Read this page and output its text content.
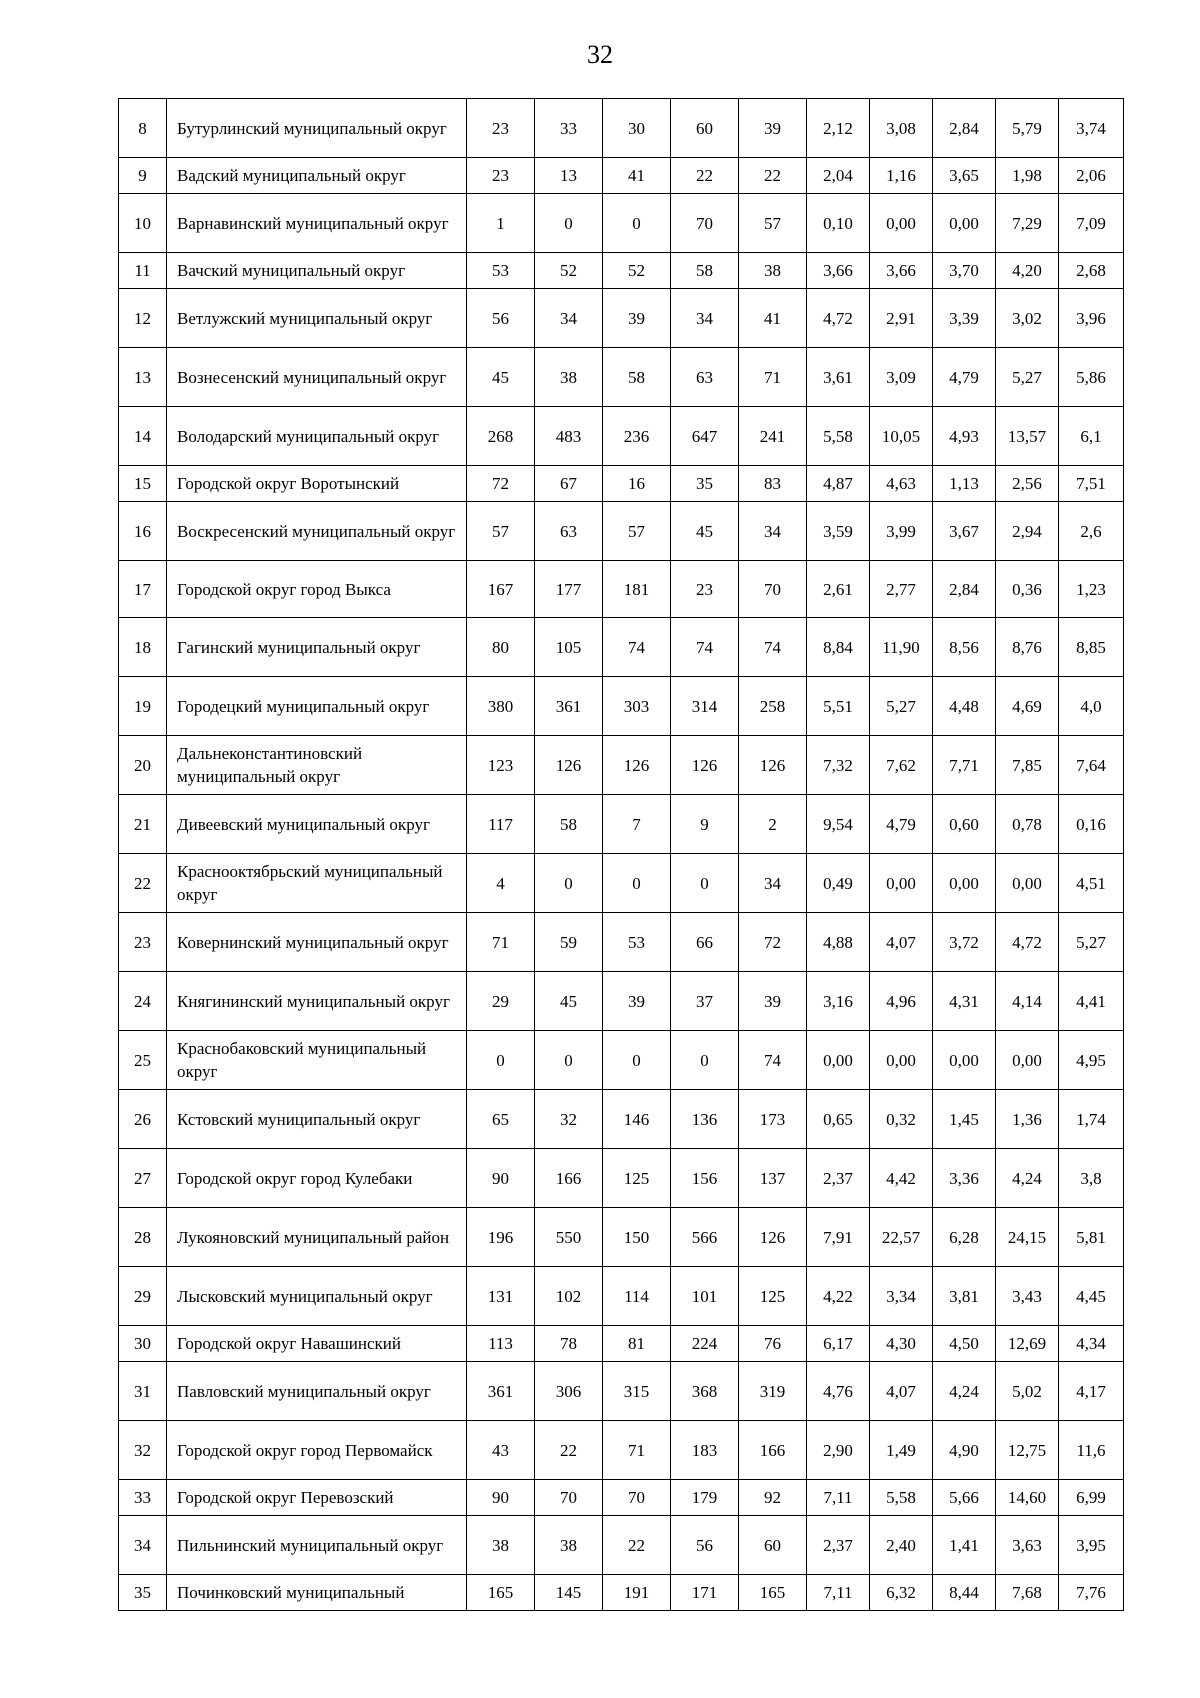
32
8	Бутурлинский муниципальный округ	23	33	30	60	39	2,12	3,08	2,84	5,79	3,74
9	Вадский муниципальный округ	23	13	41	22	22	2,04	1,16	3,65	1,98	2,06
10	Варнавинский муниципальный округ	1	0	0	70	57	0,10	0,00	0,00	7,29	7,09
11	Вачский муниципальный округ	53	52	52	58	38	3,66	3,66	3,70	4,20	2,68
12	Ветлужский муниципальный округ	56	34	39	34	41	4,72	2,91	3,39	3,02	3,96
13	Вознесенский муниципальный округ	45	38	58	63	71	3,61	3,09	4,79	5,27	5,86
14	Володарский муниципальный округ	268	483	236	647	241	5,58	10,05	4,93	13,57	6,1
15	Городской округ Воротынский	72	67	16	35	83	4,87	4,63	1,13	2,56	7,51
16	Воскресенский муниципальный округ	57	63	57	45	34	3,59	3,99	3,67	2,94	2,6
17	Городской округ город Выкса	167	177	181	23	70	2,61	2,77	2,84	0,36	1,23
18	Гагинский муниципальный округ	80	105	74	74	74	8,84	11,90	8,56	8,76	8,85
19	Городецкий муниципальный округ	380	361	303	314	258	5,51	5,27	4,48	4,69	4,0
20	Дальнеконстантиновский муниципальный округ	123	126	126	126	126	7,32	7,62	7,71	7,85	7,64
21	Дивеевский муниципальный округ	117	58	7	9	2	9,54	4,79	0,60	0,78	0,16
22	Краснооктябрьский муниципальный округ	4	0	0	0	34	0,49	0,00	0,00	0,00	4,51
23	Ковернинский муниципальный округ	71	59	53	66	72	4,88	4,07	3,72	4,72	5,27
24	Княгининский муниципальный округ	29	45	39	37	39	3,16	4,96	4,31	4,14	4,41
25	Краснобаковский муниципальный округ	0	0	0	0	74	0,00	0,00	0,00	0,00	4,95
26	Кстовский муниципальный округ	65	32	146	136	173	0,65	0,32	1,45	1,36	1,74
27	Городской округ город Кулебаки	90	166	125	156	137	2,37	4,42	3,36	4,24	3,8
28	Лукояновский муниципальный район	196	550	150	566	126	7,91	22,57	6,28	24,15	5,81
29	Лысковский муниципальный округ	131	102	114	101	125	4,22	3,34	3,81	3,43	4,45
30	Городской округ Навашинский	113	78	81	224	76	6,17	4,30	4,50	12,69	4,34
31	Павловский муниципальный округ	361	306	315	368	319	4,76	4,07	4,24	5,02	4,17
32	Городской округ город Первомайск	43	22	71	183	166	2,90	1,49	4,90	12,75	11,6
33	Городской округ Перевозский	90	70	70	179	92	7,11	5,58	5,66	14,60	6,99
34	Пильнинский муниципальный округ	38	38	22	56	60	2,37	2,40	1,41	3,63	3,95
35	Починковский муниципальный	165	145	191	171	165	7,11	6,32	8,44	7,68	7,76
